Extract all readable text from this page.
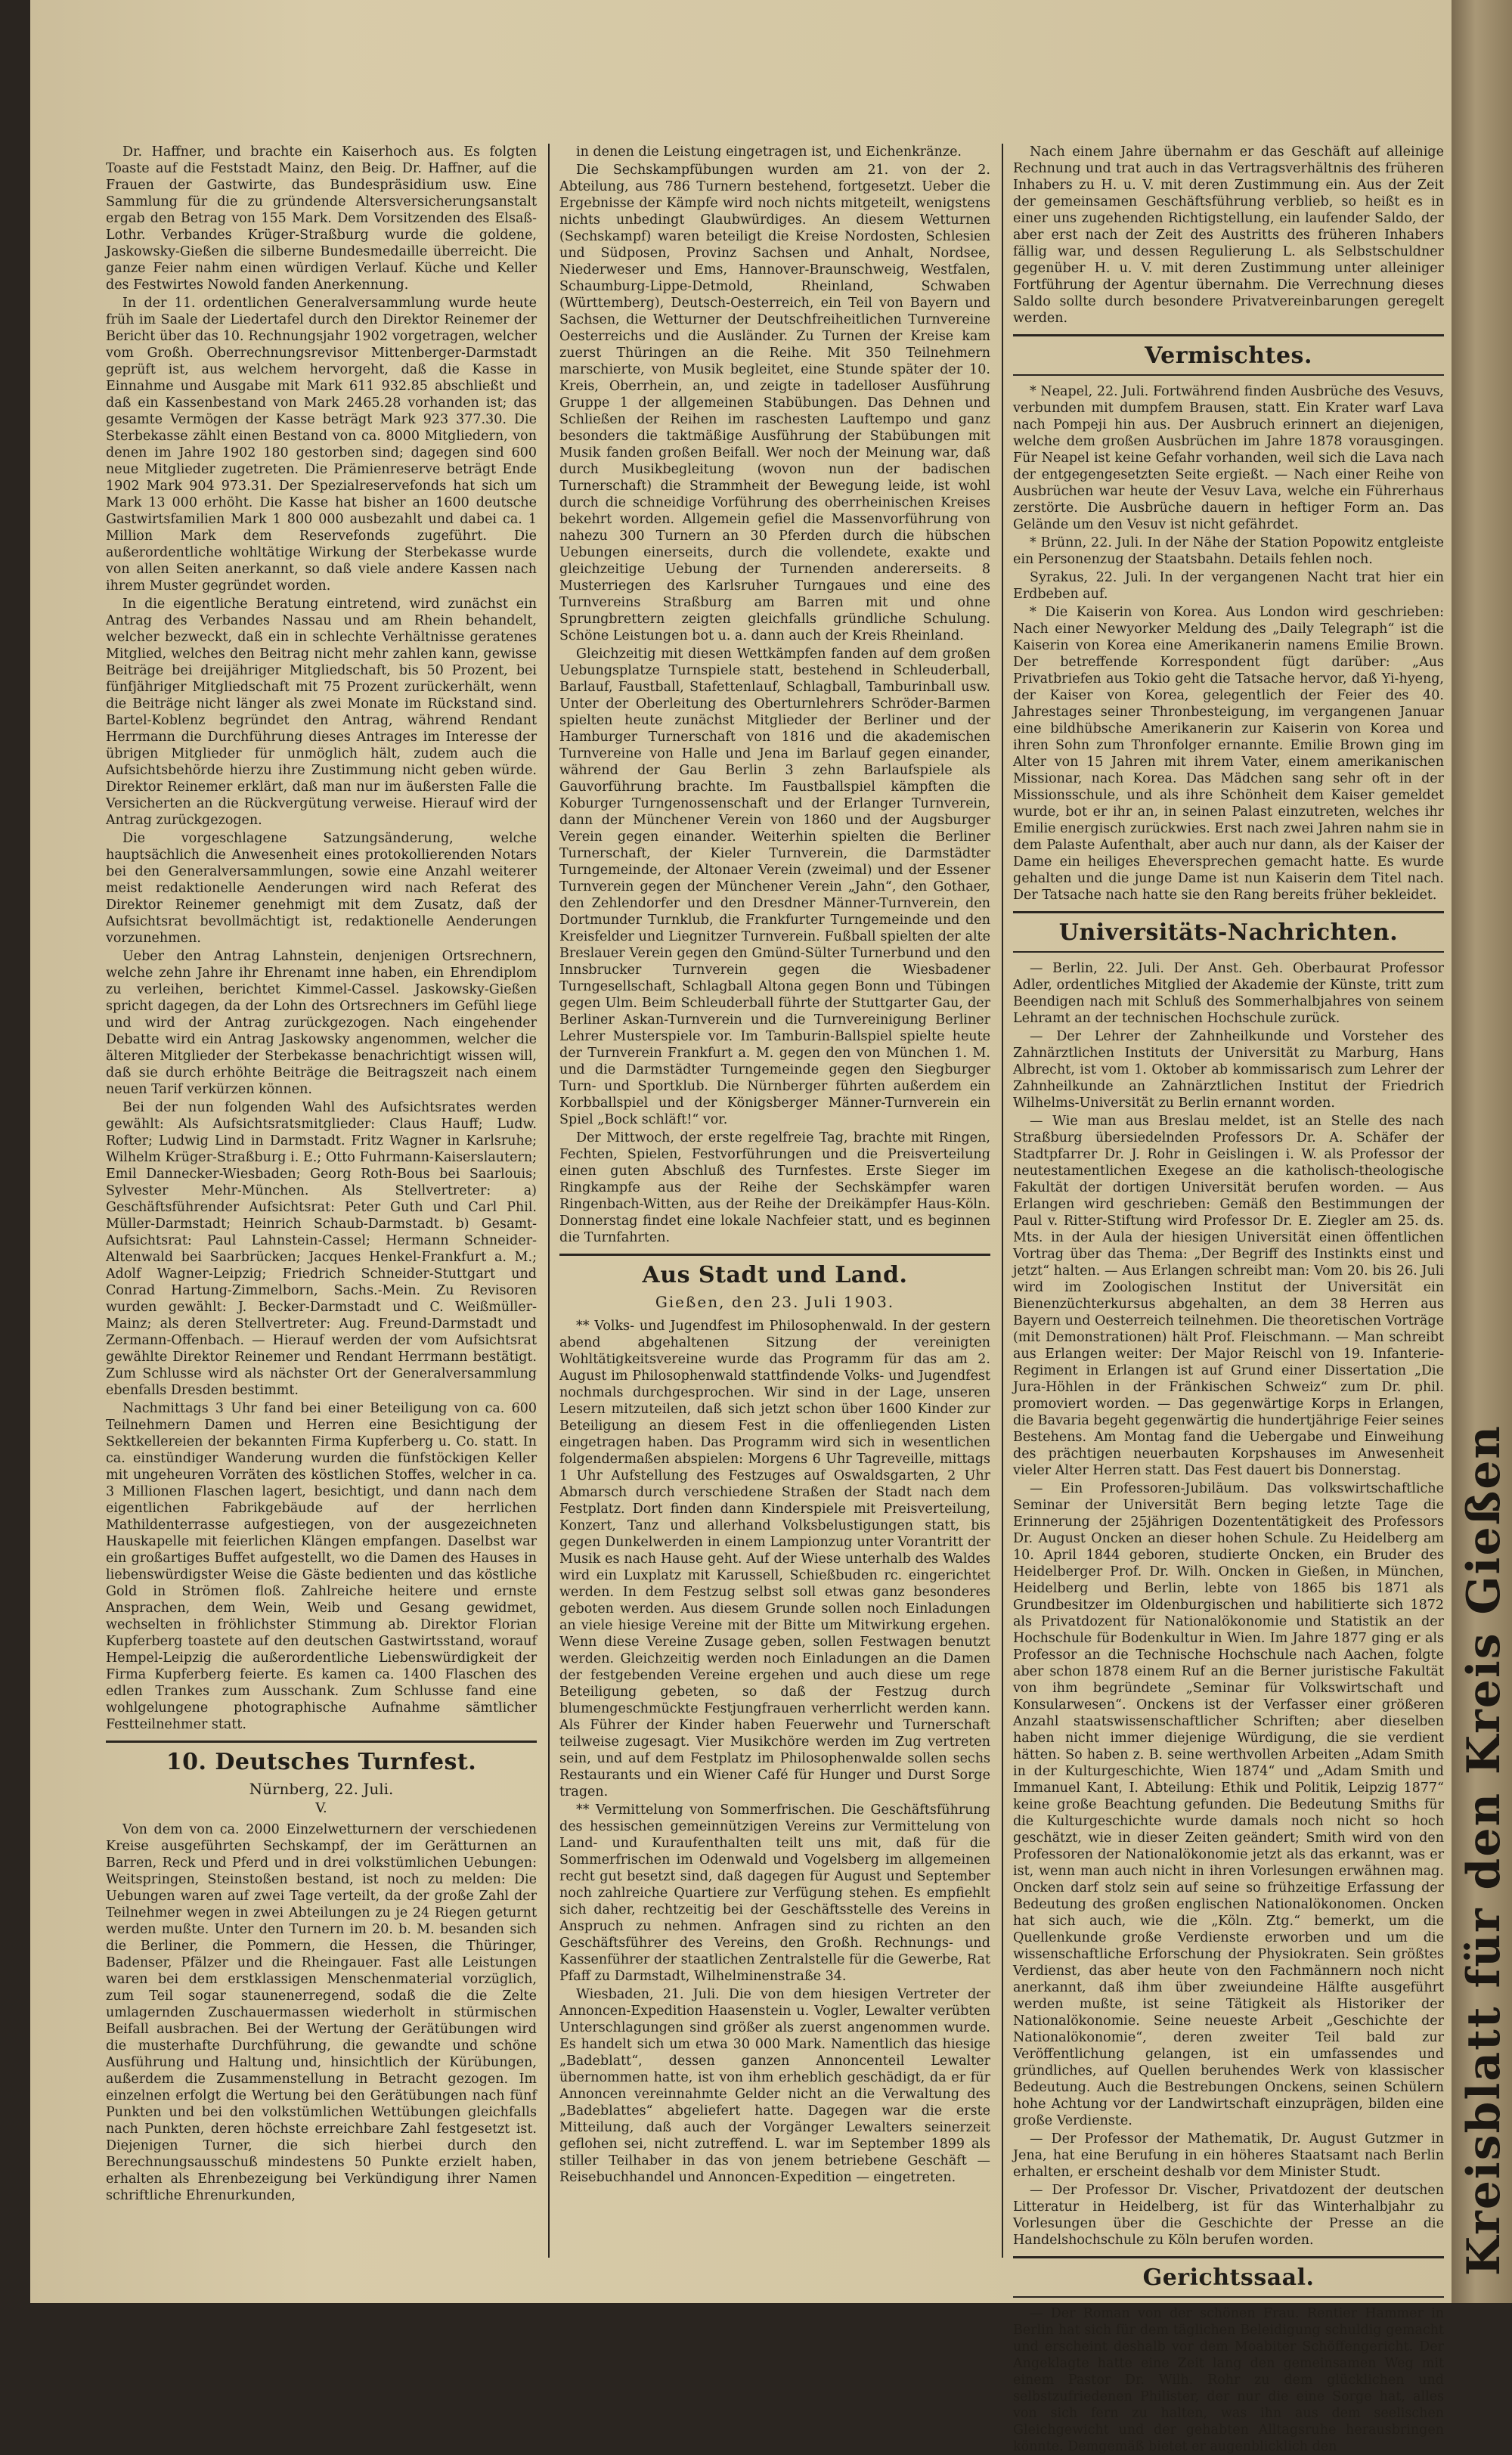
Dr. Haffner, und brachte ein Kaiserhoch aus. Es folgten Toaste auf die Feststadt Mainz, den Beig. Dr. Haffner, auf die Frauen der Gastwirte, das Bundespräsidium usw. Eine Sammlung für die zu gründende Altersversicherungsanstalt ergab den Betrag von 155 Mark. Dem Vorsitzenden des Elsaß-Lothr. Verbandes Krüger-Straßburg wurde die goldene, Jaskowsky-Gießen die silberne Bundesmedaille überreicht. Die ganze Feier nahm einen würdigen Verlauf. Küche und Keller des Festwirtes Nowold fanden Anerkennung.

In der 11. ordentlichen Generalversammlung wurde heute früh im Saale der Liedertafel durch den Direktor Reinemer der Bericht über das 10. Rechnungsjahr 1902 vorgetragen, welcher vom Großh. Oberrechnungsrevisor Mittenberger-Darmstadt geprüft ist, aus welchem hervorgeht, daß die Kasse in Einnahme und Ausgabe mit Mark 611 932.85 abschließt und daß ein Kassenbestand von Mark 2465.28 vorhanden ist; das gesamte Vermögen der Kasse beträgt Mark 923 377.30. Die Sterbekasse zählt einen Bestand von ca. 8000 Mitgliedern, von denen im Jahre 1902 180 gestorben sind; dagegen sind 600 neue Mitglieder zugetreten. Die Prämienreserve beträgt Ende 1902 Mark 904 973.31. Der Spezialreservefonds hat sich um Mark 13 000 erhöht. Die Kasse hat bisher an 1600 deutsche Gastwirtsfamilien Mark 1 800 000 ausbezahlt und dabei ca. 1 Million Mark dem Reservefonds zugeführt. Die außerordentliche wohltätige Wirkung der Sterbekasse wurde von allen Seiten anerkannt, so daß viele andere Kassen nach ihrem Muster gegründet worden.

In die eigentliche Beratung eintretend, wird zunächst ein Antrag des Verbandes Nassau und am Rhein behandelt, welcher bezweckt, daß ein in schlechte Verhältnisse geratenes Mitglied, welches den Beitrag nicht mehr zahlen kann, gewisse Beiträge bei dreijähriger Mitgliedschaft, bis 50 Prozent, bei fünfjähriger Mitgliedschaft mit 75 Prozent zurückerhält, wenn die Beiträge nicht länger als zwei Monate im Rückstand sind. Bartel-Koblenz begründet den Antrag, während Rendant Herrmann die Durchführung dieses Antrages im Interesse der übrigen Mitglieder für unmöglich hält, zudem auch die Aufsichtsbehörde hierzu ihre Zustimmung nicht geben würde. Direktor Reinemer erklärt, daß man nur im äußersten Falle die Versicherten an die Rückvergütung verweise. Hierauf wird der Antrag zurückgezogen.

Die vorgeschlagene Satzungsänderung, welche hauptsächlich die Anwesenheit eines protokollierenden Notars bei den Generalversammlungen, sowie eine Anzahl weiterer meist redaktionelle Aenderungen wird nach Referat des Direktor Reinemer genehmigt mit dem Zusatz, daß der Aufsichtsrat bevollmächtigt ist, redaktionelle Aenderungen vorzunehmen.

Ueber den Antrag Lahnstein, denjenigen Ortsrechnern, welche zehn Jahre ihr Ehrenamt inne haben, ein Ehrendiplom zu verleihen, berichtet Kimmel-Cassel. Jaskowsky-Gießen spricht dagegen, da der Lohn des Ortsrechners im Gefühl liege und wird der Antrag zurückgezogen. Nach eingehender Debatte wird ein Antrag Jaskowsky angenommen, welcher die älteren Mitglieder der Sterbekasse benachrichtigt wissen will, daß sie durch erhöhte Beiträge die Beitragszeit nach einem neuen Tarif verkürzen können.

Bei der nun folgenden Wahl des Aufsichtsrates werden gewählt: Als Aufsichtsratsmitglieder: Claus Hauff; Ludw. Rofter; Ludwig Lind in Darmstadt. Fritz Wagner in Karlsruhe; Wilhelm Krüger-Straßburg i. E.; Otto Fuhrmann-Kaiserslautern; Emil Dannecker-Wiesbaden; Georg Roth-Bous bei Saarlouis; Sylvester Mehr-München. Als Stellvertreter: a) Geschäftsführender Aufsichtsrat: Peter Guth und Carl Phil. Müller-Darmstadt; Heinrich Schaub-Darmstadt. b) Gesamt-Aufsichtsrat: Paul Lahnstein-Cassel; Hermann Schneider-Altenwald bei Saarbrücken; Jacques Henkel-Frankfurt a. M.; Adolf Wagner-Leipzig; Friedrich Schneider-Stuttgart und Conrad Hartung-Zimmelborn, Sachs.-Mein. Zu Revisoren wurden gewählt: J. Becker-Darmstadt und C. Weißmüller-Mainz; als deren Stellvertreter: Aug. Freund-Darmstadt und Zermann-Offenbach. — Hierauf werden der vom Aufsichtsrat gewählte Direktor Reinemer und Rendant Herrmann bestätigt. Zum Schlusse wird als nächster Ort der Generalversammlung ebenfalls Dresden bestimmt.

Nachmittags 3 Uhr fand bei einer Beteiligung von ca. 600 Teilnehmern Damen und Herren eine Besichtigung der Sektkellereien der bekannten Firma Kupferberg u. Co. statt. In ca. einstündiger Wanderung wurden die fünfstöckigen Keller mit ungeheuren Vorräten des köstlichen Stoffes, welcher in ca. 3 Millionen Flaschen lagert, besichtigt, und dann nach dem eigentlichen Fabrikgebäude auf der herrlichen Mathildenterrasse aufgestiegen, von der ausgezeichneten Hauskapelle mit feierlichen Klängen empfangen. Daselbst war ein großartiges Buffet aufgestellt, wo die Damen des Hauses in liebenswürdigster Weise die Gäste bedienten und das köstliche Gold in Strömen floß. Zahlreiche heitere und ernste Ansprachen, dem Wein, Weib und Gesang gewidmet, wechselten in fröhlichster Stimmung ab. Direktor Florian Kupferberg toastete auf den deutschen Gastwirtsstand, worauf Hempel-Leipzig die außerordentliche Liebenswürdigkeit der Firma Kupferberg feierte. Es kamen ca. 1400 Flaschen des edlen Trankes zum Ausschank. Zum Schlusse fand eine wohlgelungene photographische Aufnahme sämtlicher Festteilnehmer statt.

10. Deutsches Turnfest.
Nürnberg, 22. Juli.
V.

Von dem von ca. 2000 Einzelwetturnern der verschiedenen Kreise ausgeführten Sechskampf, der im Gerätturnen an Barren, Reck und Pferd und in drei volkstümlichen Uebungen: Weitspringen, Steinstoßen bestand, ist noch zu melden: Die Uebungen waren auf zwei Tage verteilt, da der große Zahl der Teilnehmer wegen in zwei Abteilungen zu je 24 Riegen geturnt werden mußte. Unter den Turnern im 20. b. M. besanden sich die Berliner, die Pommern, die Hessen, die Thüringer, Badenser, Pfälzer und die Rheingauer. Fast alle Leistungen waren bei dem erstklassigen Menschenmaterial vorzüglich, zum Teil sogar staunenerregend, sodaß die die Zelte umlagernden Zuschauermassen wiederholt in stürmischen Beifall ausbrachen. Bei der Wertung der Gerätübungen wird die musterhafte Durchführung, die gewandte und schöne Ausführung und Haltung und, hinsichtlich der Kürübungen, außerdem die Zusammenstellung in Betracht gezogen. Im einzelnen erfolgt die Wertung bei den Gerätübungen nach fünf Punkten und bei den volkstümlichen Wettübungen gleichfalls nach Punkten, deren höchste erreichbare Zahl festgesetzt ist. Diejenigen Turner, die sich hierbei durch den Berechnungsausschuß mindestens 50 Punkte erzielt haben, erhalten als Ehrenbezeigung bei Verkündigung ihrer Namen schriftliche Ehrenurkunden,

in denen die Leistung eingetragen ist, und Eichenkränze.

Die Sechskampfübungen wurden am 21. von der 2. Abteilung, aus 786 Turnern bestehend, fortgesetzt. Ueber die Ergebnisse der Kämpfe wird noch nichts mitgeteilt, wenigstens nichts unbedingt Glaubwürdiges. An diesem Wetturnen (Sechskampf) waren beteiligt die Kreise Nordosten, Schlesien und Südposen, Provinz Sachsen und Anhalt, Nordsee, Niederweser und Ems, Hannover-Braunschweig, Westfalen, Schaumburg-Lippe-Detmold, Rheinland, Schwaben (Württemberg), Deutsch-Oesterreich, ein Teil von Bayern und Sachsen, die Wetturner der Deutschfreiheitlichen Turnvereine Oesterreichs und die Ausländer. Zu Turnen der Kreise kam zuerst Thüringen an die Reihe. Mit 350 Teilnehmern marschierte, von Musik begleitet, eine Stunde später der 10. Kreis, Oberrhein, an, und zeigte in tadelloser Ausführung Gruppe 1 der allgemeinen Stabübungen. Das Dehnen und Schließen der Reihen im raschesten Lauftempo und ganz besonders die taktmäßige Ausführung der Stabübungen mit Musik fanden großen Beifall. Wer noch der Meinung war, daß durch Musikbegleitung (wovon nun der badischen Turnerschaft) die Strammheit der Bewegung leide, ist wohl durch die schneidige Vorführung des oberrheinischen Kreises bekehrt worden. Allgemein gefiel die Massenvorführung von nahezu 300 Turnern an 30 Pferden durch die hübschen Uebungen einerseits, durch die vollendete, exakte und gleichzeitige Uebung der Turnenden andererseits. 8 Musterriegen des Karlsruher Turngaues und eine des Turnvereins Straßburg am Barren mit und ohne Sprungbrettern zeigten gleichfalls gründliche Schulung. Schöne Leistungen bot u. a. dann auch der Kreis Rheinland.

Gleichzeitig mit diesen Wettkämpfen fanden auf dem großen Uebungsplatze Turnspiele statt, bestehend in Schleuderball, Barlauf, Faustball, Stafettenlauf, Schlagball, Tamburinball usw. Unter der Oberleitung des Oberturnlehrers Schröder-Barmen spielten heute zunächst Mitglieder der Berliner und der Hamburger Turnerschaft von 1816 und die akademischen Turnvereine von Halle und Jena im Barlauf gegen einander, während der Gau Berlin 3 zehn Barlaufspiele als Gauvorführung brachte. Im Faustballspiel kämpften die Koburger Turngenossenschaft und der Erlanger Turnverein, dann der Münchener Verein von 1860 und der Augsburger Verein gegen einander. Weiterhin spielten die Berliner Turnerschaft, der Kieler Turnverein, die Darmstädter Turngemeinde, der Altonaer Verein (zweimal) und der Essener Turnverein gegen der Münchener Verein „Jahn“, den Gothaer, den Zehlendorfer und den Dresdner Männer-Turnverein, den Dortmunder Turnklub, die Frankfurter Turngemeinde und den Kreisfelder und Liegnitzer Turnverein. Fußball spielten der alte Breslauer Verein gegen den Gmünd-Sülter Turnerbund und den Innsbrucker Turnverein gegen die Wiesbadener Turngesellschaft, Schlagball Altona gegen Bonn und Tübingen gegen Ulm. Beim Schleuderball führte der Stuttgarter Gau, der Berliner Askan-Turnverein und die Turnvereinigung Berliner Lehrer Musterspiele vor. Im Tamburin-Ballspiel spielte heute der Turnverein Frankfurt a. M. gegen den von München 1. M. und die Darmstädter Turngemeinde gegen den Siegburger Turn- und Sportklub. Die Nürnberger führten außerdem ein Korbballspiel und der Königsberger Männer-Turnverein ein Spiel „Bock schläft!“ vor.

Der Mittwoch, der erste regelfreie Tag, brachte mit Ringen, Fechten, Spielen, Festvorführungen und die Preisverteilung einen guten Abschluß des Turnfestes. Erste Sieger im Ringkampfe aus der Reihe der Sechskämpfer waren Ringenbach-Witten, aus der Reihe der Dreikämpfer Haus-Köln. Donnerstag findet eine lokale Nachfeier statt, und es beginnen die Turnfahrten.

Aus Stadt und Land.
Gießen, den 23. Juli 1903.

** Volks- und Jugendfest im Philosophenwald. In der gestern abend abgehaltenen Sitzung der vereinigten Wohltätigkeitsvereine wurde das Programm für das am 2. August im Philosophenwald stattfindende Volks- und Jugendfest nochmals durchgesprochen. Wir sind in der Lage, unseren Lesern mitzuteilen, daß sich jetzt schon über 1600 Kinder zur Beteiligung an diesem Fest in die offenliegenden Listen eingetragen haben. Das Programm wird sich in wesentlichen folgendermaßen abspielen: Morgens 6 Uhr Tagreveille, mittags 1 Uhr Aufstellung des Festzuges auf Oswaldsgarten, 2 Uhr Abmarsch durch verschiedene Straßen der Stadt nach dem Festplatz. Dort finden dann Kinderspiele mit Preisverteilung, Konzert, Tanz und allerhand Volksbelustigungen statt, bis gegen Dunkelwerden in einem Lampionzug unter Vorantritt der Musik es nach Hause geht. Auf der Wiese unterhalb des Waldes wird ein Luxplatz mit Karussell, Schießbuden rc. eingerichtet werden. In dem Festzug selbst soll etwas ganz besonderes geboten werden. Aus diesem Grunde sollen noch Einladungen an viele hiesige Vereine mit der Bitte um Mitwirkung ergehen. Wenn diese Vereine Zusage geben, sollen Festwagen benutzt werden. Gleichzeitig werden noch Einladungen an die Damen der festgebenden Vereine ergehen und auch diese um rege Beteiligung gebeten, so daß der Festzug durch blumengeschmückte Festjungfrauen verherrlicht werden kann. Als Führer der Kinder haben Feuerwehr und Turnerschaft teilweise zugesagt. Vier Musikchöre werden im Zug vertreten sein, und auf dem Festplatz im Philosophenwalde sollen sechs Restaurants und ein Wiener Café für Hunger und Durst Sorge tragen.

** Vermittelung von Sommerfrischen. Die Geschäftsführung des hessischen gemeinnützigen Vereins zur Vermittelung von Land- und Kuraufenthalten teilt uns mit, daß für die Sommerfrischen im Odenwald und Vogelsberg im allgemeinen recht gut besetzt sind, daß dagegen für August und September noch zahlreiche Quartiere zur Verfügung stehen. Es empfiehlt sich daher, rechtzeitig bei der Geschäftsstelle des Vereins in Anspruch zu nehmen. Anfragen sind zu richten an den Geschäftsführer des Vereins, den Großh. Rechnungs- und Kassenführer der staatlichen Zentralstelle für die Gewerbe, Rat Pfaff zu Darmstadt, Wilhelminenstraße 34.

Wiesbaden, 21. Juli. Die von dem hiesigen Vertreter der Annoncen-Expedition Haasenstein u. Vogler, Lewalter verübten Unterschlagungen sind größer als zuerst angenommen wurde. Es handelt sich um etwa 30 000 Mark. Namentlich das hiesige „Badeblatt“, dessen ganzen Annoncenteil Lewalter übernommen hatte, ist von ihm erheblich geschädigt, da er für Annoncen vereinnahmte Gelder nicht an die Verwaltung des „Badeblattes“ abgeliefert hatte. Dagegen war die erste Mitteilung, daß auch der Vorgänger Lewalters seinerzeit geflohen sei, nicht zutreffend. L. war im September 1899 als stiller Teilhaber in das von jenem betriebene Geschäft — Reisebuchhandel und Annoncen-Expedition — eingetreten.

Nach einem Jahre übernahm er das Geschäft auf alleinige Rechnung und trat auch in das Vertragsverhältnis des früheren Inhabers zu H. u. V. mit deren Zustimmung ein. Aus der Zeit der gemeinsamen Geschäftsführung verblieb, so heißt es in einer uns zugehenden Richtigstellung, ein laufender Saldo, der aber erst nach der Zeit des Austritts des früheren Inhabers fällig war, und dessen Regulierung L. als Selbstschuldner gegenüber H. u. V. mit deren Zustimmung unter alleiniger Fortführung der Agentur übernahm. Die Verrechnung dieses Saldo sollte durch besondere Privatvereinbarungen geregelt werden.

Vermischtes.

* Neapel, 22. Juli. Fortwährend finden Ausbrüche des Vesuvs, verbunden mit dumpfem Brausen, statt. Ein Krater warf Lava nach Pompeji hin aus. Der Ausbruch erinnert an diejenigen, welche dem großen Ausbrüchen im Jahre 1878 vorausgingen. Für Neapel ist keine Gefahr vorhanden, weil sich die Lava nach der entgegengesetzten Seite ergießt. — Nach einer Reihe von Ausbrüchen war heute der Vesuv Lava, welche ein Führerhaus zerstörte. Die Ausbrüche dauern in heftiger Form an. Das Gelände um den Vesuv ist nicht gefährdet.

* Brünn, 22. Juli. In der Nähe der Station Popowitz entgleiste ein Personenzug der Staatsbahn. Details fehlen noch.

Syrakus, 22. Juli. In der vergangenen Nacht trat hier ein Erdbeben auf.

* Die Kaiserin von Korea. Aus London wird geschrieben: Nach einer Newyorker Meldung des „Daily Telegraph“ ist die Kaiserin von Korea eine Amerikanerin namens Emilie Brown. Der betreffende Korrespondent fügt darüber: „Aus Privatbriefen aus Tokio geht die Tatsache hervor, daß Yi-hyeng, der Kaiser von Korea, gelegentlich der Feier des 40. Jahrestages seiner Thronbesteigung, im vergangenen Januar eine bildhübsche Amerikanerin zur Kaiserin von Korea und ihren Sohn zum Thronfolger ernannte. Emilie Brown ging im Alter von 15 Jahren mit ihrem Vater, einem amerikanischen Missionar, nach Korea. Das Mädchen sang sehr oft in der Missionsschule, und als ihre Schönheit dem Kaiser gemeldet wurde, bot er ihr an, in seinen Palast einzutreten, welches ihr Emilie energisch zurückwies. Erst nach zwei Jahren nahm sie in dem Palaste Aufenthalt, aber auch nur dann, als der Kaiser der Dame ein heiliges Eheversprechen gemacht hatte. Es wurde gehalten und die junge Dame ist nun Kaiserin dem Titel nach. Der Tatsache nach hatte sie den Rang bereits früher bekleidet.

Universitäts-Nachrichten.

— Berlin, 22. Juli. Der Anst. Geh. Oberbaurat Professor Adler, ordentliches Mitglied der Akademie der Künste, tritt zum Beendigen nach mit Schluß des Sommerhalbjahres von seinem Lehramt an der technischen Hochschule zurück.

— Der Lehrer der Zahnheilkunde und Vorsteher des Zahnärztlichen Instituts der Universität zu Marburg, Hans Albrecht, ist vom 1. Oktober ab kommissarisch zum Lehrer der Zahnheilkunde an Zahnärztlichen Institut der Friedrich Wilhelms-Universität zu Berlin ernannt worden.

— Wie man aus Breslau meldet, ist an Stelle des nach Straßburg übersiedelnden Professors Dr. A. Schäfer der Stadtpfarrer Dr. J. Rohr in Geislingen i. W. als Professor der neutestamentlichen Exegese an die katholisch-theologische Fakultät der dortigen Universität berufen worden. — Aus Erlangen wird geschrieben: Gemäß den Bestimmungen der Paul v. Ritter-Stiftung wird Professor Dr. E. Ziegler am 25. ds. Mts. in der Aula der hiesigen Universität einen öffentlichen Vortrag über das Thema: „Der Begriff des Instinkts einst und jetzt“ halten. — Aus Erlangen schreibt man: Vom 20. bis 26. Juli wird im Zoologischen Institut der Universität ein Bienenzüchterkursus abgehalten, an dem 38 Herren aus Bayern und Oesterreich teilnehmen. Die theoretischen Vorträge (mit Demonstrationen) hält Prof. Fleischmann. — Man schreibt aus Erlangen weiter: Der Major Reischl von 19. Infanterie-Regiment in Erlangen ist auf Grund einer Dissertation „Die Jura-Höhlen in der Fränkischen Schweiz“ zum Dr. phil. promoviert worden. — Das gegenwärtige Korps in Erlangen, die Bavaria begeht gegenwärtig die hundertjährige Feier seines Bestehens. Am Montag fand die Uebergabe und Einweihung des prächtigen neuerbauten Korpshauses im Anwesenheit vieler Alter Herren statt. Das Fest dauert bis Donnerstag.

— Ein Professoren-Jubiläum. Das volkswirtschaftliche Seminar der Universität Bern beging letzte Tage die Erinnerung der 25jährigen Dozententätigkeit des Professors Dr. August Oncken an dieser hohen Schule. Zu Heidelberg am 10. April 1844 geboren, studierte Oncken, ein Bruder des Heidelberger Prof. Dr. Wilh. Oncken in Gießen, in München, Heidelberg und Berlin, lebte von 1865 bis 1871 als Grundbesitzer im Oldenburgischen und habilitierte sich 1872 als Privatdozent für Nationalökonomie und Statistik an der Hochschule für Bodenkultur in Wien. Im Jahre 1877 ging er als Professor an die Technische Hochschule nach Aachen, folgte aber schon 1878 einem Ruf an die Berner juristische Fakultät von ihm begründete „Seminar für Volkswirtschaft und Konsularwesen“. Onckens ist der Verfasser einer größeren Anzahl staatswissenschaftlicher Schriften; aber dieselben haben nicht immer diejenige Würdigung, die sie verdient hätten. So haben z. B. seine werthvollen Arbeiten „Adam Smith in der Kulturgeschichte, Wien 1874“ und „Adam Smith und Immanuel Kant, I. Abteilung: Ethik und Politik, Leipzig 1877“ keine große Beachtung gefunden. Die Bedeutung Smiths für die Kulturgeschichte wurde damals noch nicht so hoch geschätzt, wie in dieser Zeiten geändert; Smith wird von den Professoren der Nationalökonomie jetzt als das erkannt, was er ist, wenn man auch nicht in ihren Vorlesungen erwähnen mag. Oncken darf stolz sein auf seine so frühzeitige Erfassung der Bedeutung des großen englischen Nationalökonomen. Oncken hat sich auch, wie die „Köln. Ztg.“ bemerkt, um die Quellenkunde große Verdienste erworben und um die wissenschaftliche Erforschung der Physiokraten. Sein größtes Verdienst, das aber heute von den Fachmännern noch nicht anerkannt, daß ihm über zweiundeine Hälfte ausgeführt werden mußte, ist seine Tätigkeit als Historiker der Nationalökonomie. Seine neueste Arbeit „Geschichte der Nationalökonomie“, deren zweiter Teil bald zur Veröffentlichung gelangen, ist ein umfassendes und gründliches, auf Quellen beruhendes Werk von klassischer Bedeutung. Auch die Bestrebungen Onckens, seinen Schülern hohe Achtung vor der Landwirtschaft einzuprägen, bilden eine große Verdienste.

— Der Professor der Mathematik, Dr. August Gutzmer in Jena, hat eine Berufung in ein höheres Staatsamt nach Berlin erhalten, er erscheint deshalb vor dem Minister Studt.

— Der Professor Dr. Vischer, Privatdozent der deutschen Litteratur in Heidelberg, ist für das Winterhalbjahr zu Vorlesungen über die Geschichte der Presse an die Handelshochschule zu Köln berufen worden.

Gerichtssaal.

— Der Roman von der schönen Frau. Rentier Hammer in Berlin hat sich für dem täglichen Beleidigung schuldig gemacht und erscheint deshalb vor dem Moabiter Schöffengericht. Der Angeklagte hatte eine Zeit lang den gemeinsamen Weg mit einem Pastor Dr. Wilh. Rohr zu dem glücklichen und selbstzufriedenen Philister, der nur die eine Sorge hat, alles von sich fern zu halten, was ihn aus dem seelischen Gleichgewicht und der gehabten Alltagsruhe herausbringen könnte. Demgemäß bietet er augenblicklich den

Kreisblatt für den Kreis Gießen
